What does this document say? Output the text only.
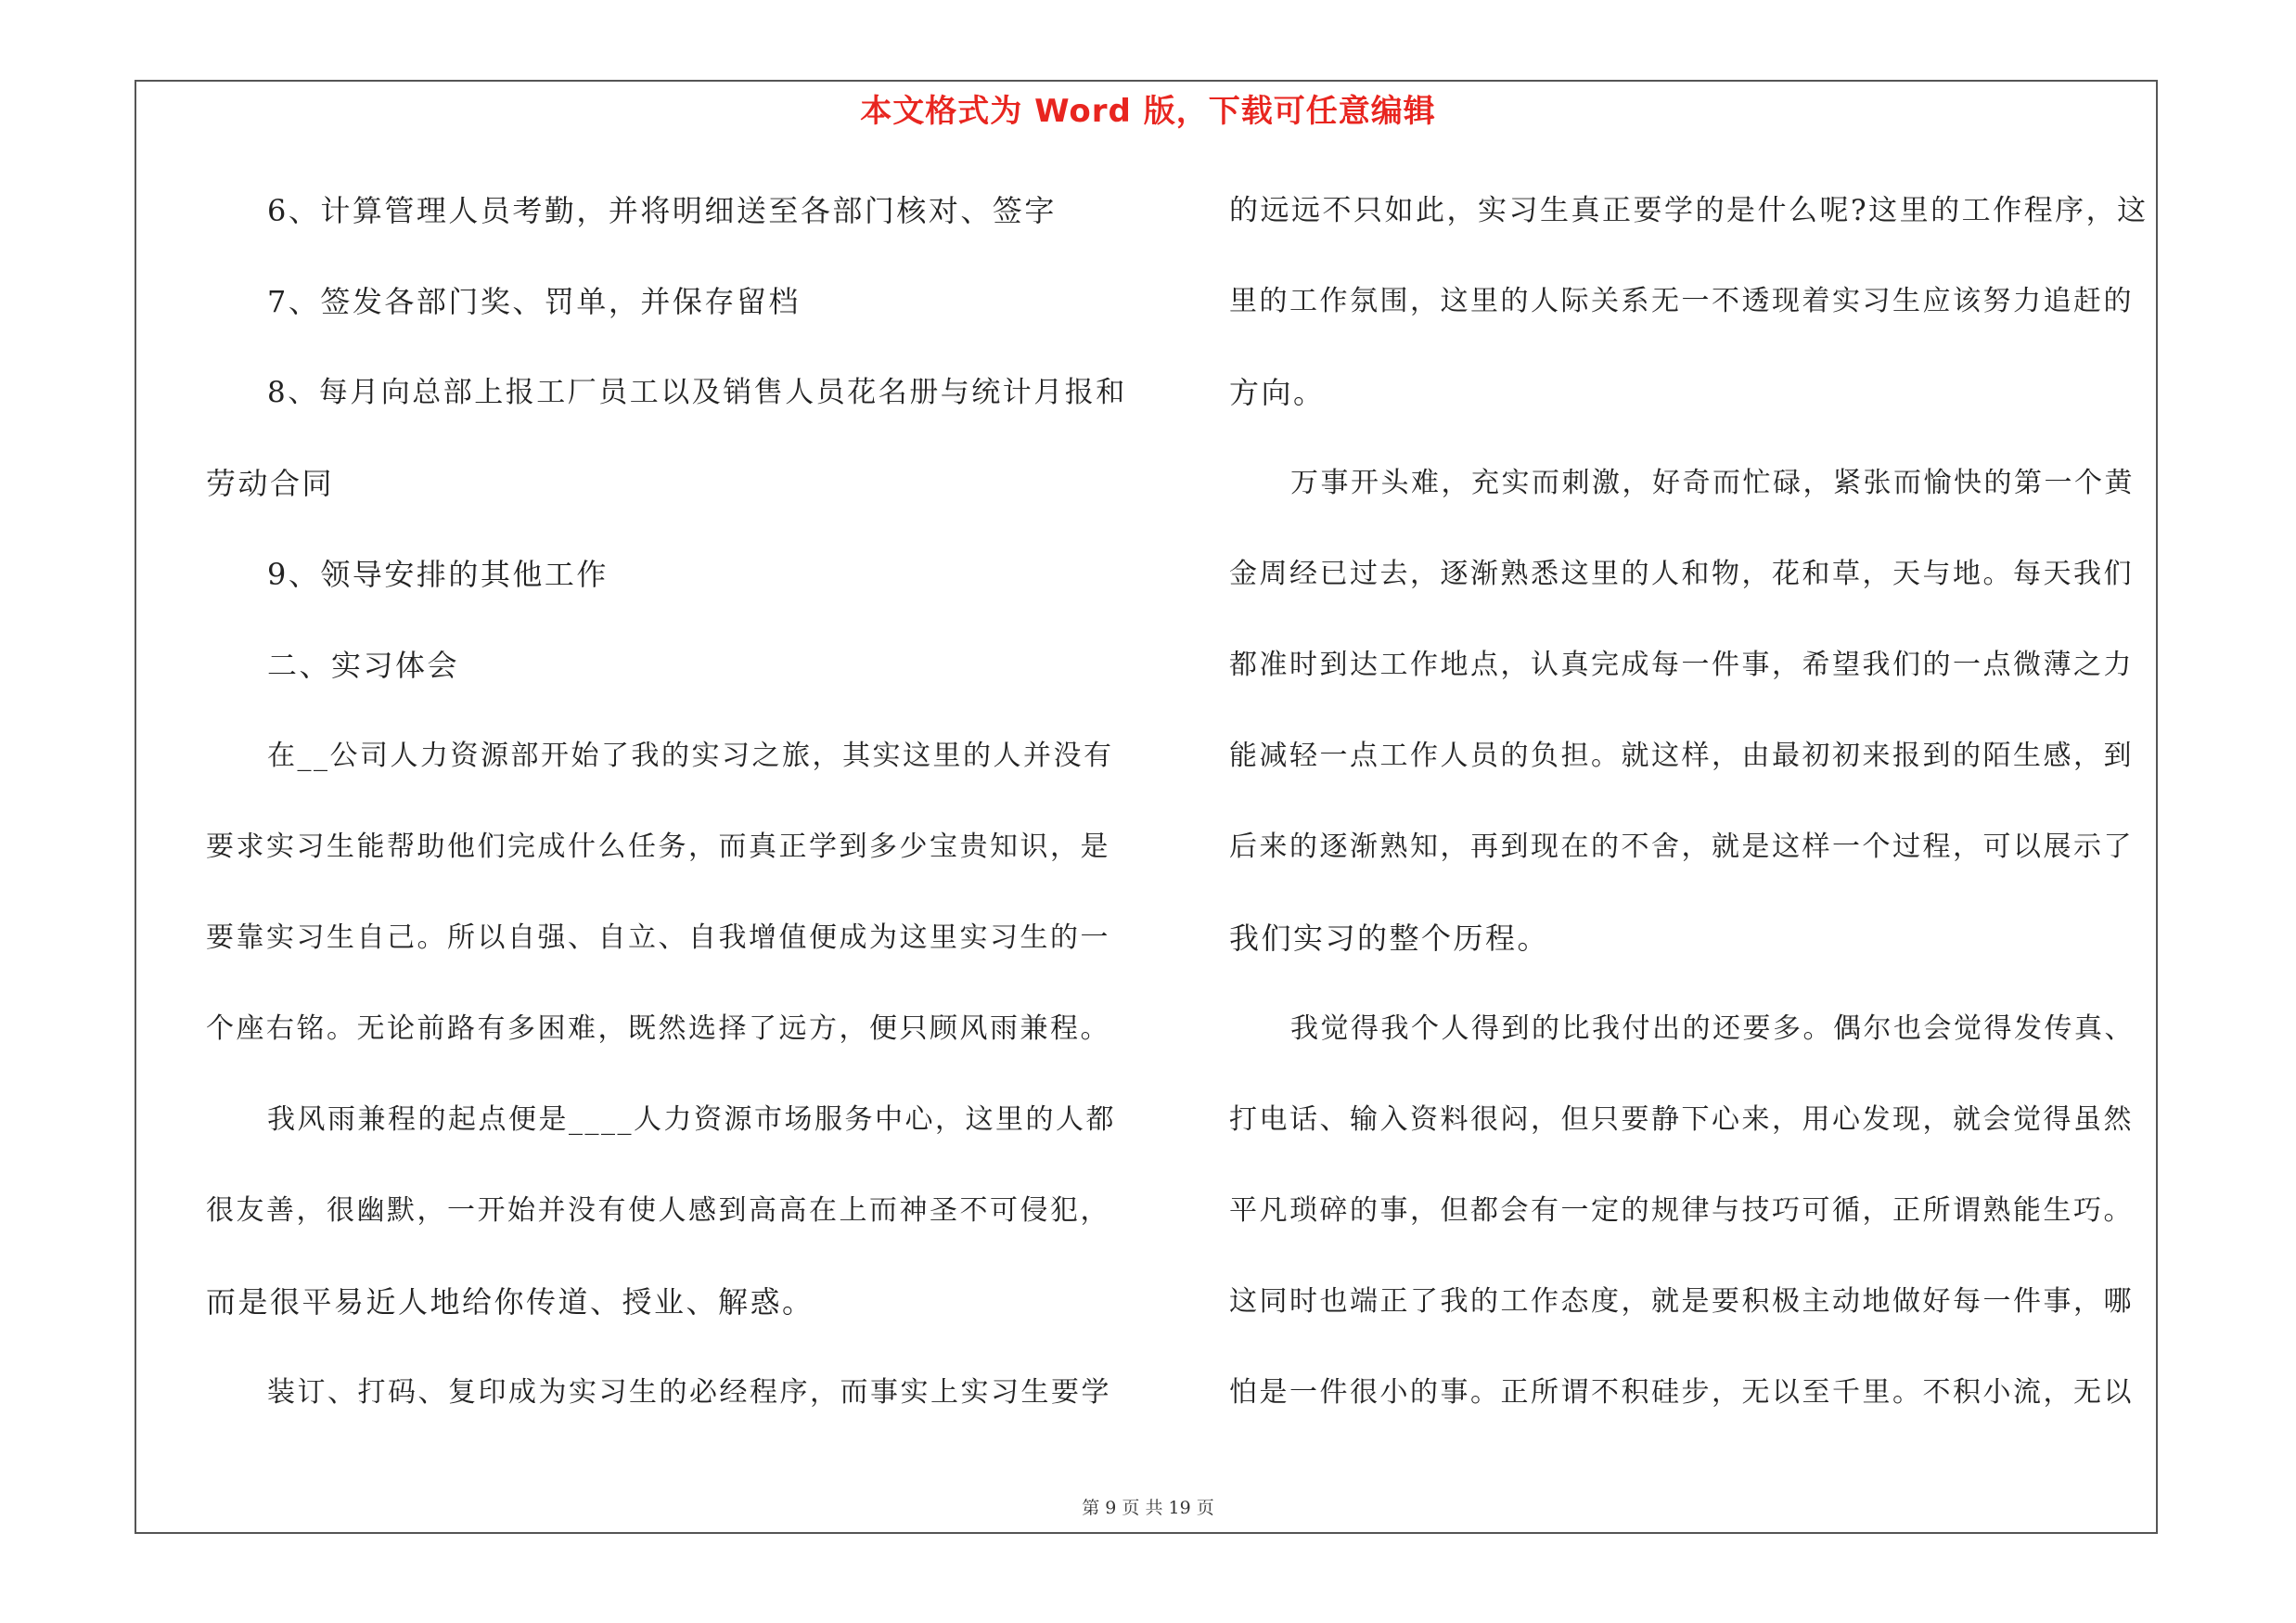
本文格式为 Word 版，下载可任意编辑
6、计算管理人员考勤，并将明细送至各部门核对、签字
7、签发各部门奖、罚单，并保存留档
8、每月向总部上报工厂员工以及销售人员花名册与统计月报和
劳动合同
9、领导安排的其他工作
二、实习体会
在__公司人力资源部开始了我的实习之旅，其实这里的人并没有
要求实习生能帮助他们完成什么任务，而真正学到多少宝贵知识，是
要靠实习生自己。所以自强、自立、自我增值便成为这里实习生的一
个座右铭。无论前路有多困难，既然选择了远方，便只顾风雨兼程。
我风雨兼程的起点便是____人力资源市场服务中心，这里的人都
很友善，很幽默，一开始并没有使人感到高高在上而神圣不可侵犯，
而是很平易近人地给你传道、授业、解惑。
装订、打码、复印成为实习生的必经程序，而事实上实习生要学
的远远不只如此，实习生真正要学的是什么呢?这里的工作程序，这
里的工作氛围，这里的人际关系无一不透现着实习生应该努力追赶的
方向。
万事开头难，充实而刺激，好奇而忙碌，紧张而愉快的第一个黄
金周经已过去，逐渐熟悉这里的人和物，花和草，天与地。每天我们
都准时到达工作地点，认真完成每一件事，希望我们的一点微薄之力
能减轻一点工作人员的负担。就这样，由最初初来报到的陌生感，到
后来的逐渐熟知，再到现在的不舍，就是这样一个过程，可以展示了
我们实习的整个历程。
我觉得我个人得到的比我付出的还要多。偶尔也会觉得发传真、
打电话、输入资料很闷，但只要静下心来，用心发现，就会觉得虽然
平凡琐碎的事，但都会有一定的规律与技巧可循，正所谓熟能生巧。
这同时也端正了我的工作态度，就是要积极主动地做好每一件事，哪
怕是一件很小的事。正所谓不积硅步，无以至千里。不积小流，无以
第 9 页 共 19 页
